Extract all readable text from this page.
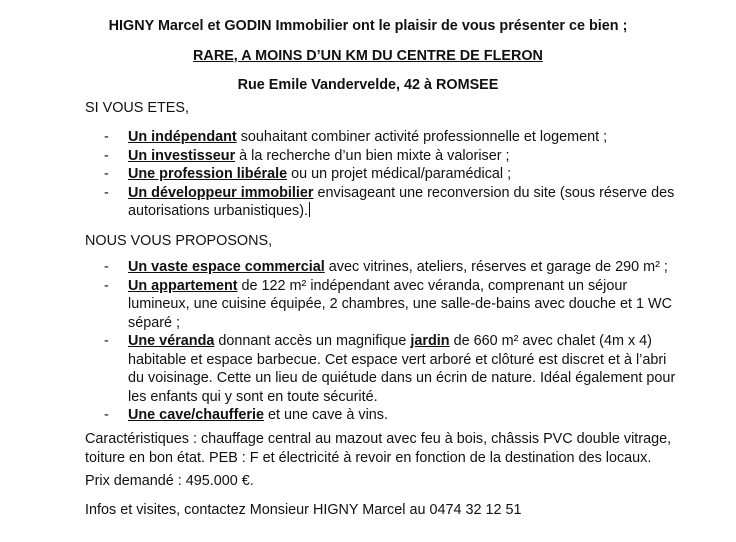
HIGNY Marcel et GODIN Immobilier ont le plaisir de vous présenter ce bien ;
RARE, A MOINS D’UN KM DU CENTRE DE FLERON
Rue Emile Vandervelde, 42 à ROMSEE
SI VOUS ETES,
- Un indépendant souhaitant combiner activité professionnelle et logement ;
- Un investisseur à la recherche d’un bien mixte à valoriser ;
- Une profession libérale ou un projet médical/paramédical ;
- Un développeur immobilier envisageant une reconversion du site (sous réserve des autorisations urbanistiques).
NOUS VOUS PROPOSONS,
- Un vaste espace commercial avec vitrines, ateliers, réserves et garage de 290 m² ;
- Un appartement de 122 m² indépendant avec véranda, comprenant un séjour lumineux, une cuisine équipée, 2 chambres, une salle-de-bains avec douche et 1 WC séparé ;
- Une véranda donnant accès un magnifique jardin de 660 m² avec chalet (4m x 4) habitable et espace barbecue. Cet espace vert arboré et clôturé est discret et à l’abri du voisinage. Cette un lieu de quiétude dans un écrin de nature. Idéal également pour les enfants qui y sont en toute sécurité.
- Une cave/chaufferie et une cave à vins.
Caractéristiques : chauffage central au mazout avec feu à bois, châssis PVC double vitrage, toiture en bon état. PEB : F et électricité à revoir en fonction de la destination des locaux.
Prix demandé : 495.000 €.
Infos et visites, contactez Monsieur HIGNY Marcel au 0474 32 12 51
